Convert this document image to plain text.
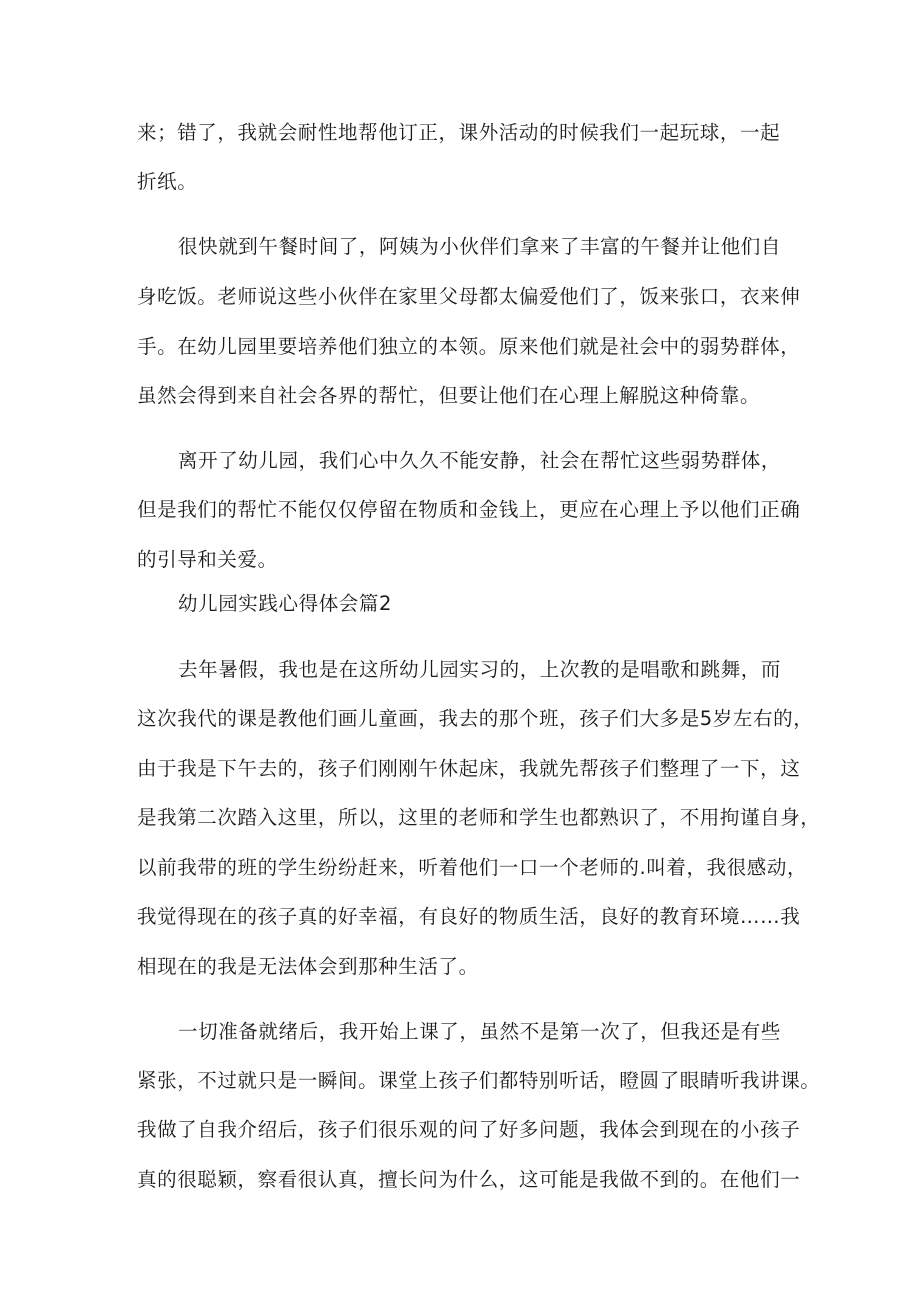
来；错了，我就会耐性地帮他订正，课外活动的时候我们一起玩球，一起
折纸。
很快就到午餐时间了，阿姨为小伙伴们拿来了丰富的午餐并让他们自
身吃饭。老师说这些小伙伴在家里父母都太偏爱他们了，饭来张口，衣来伸
手。在幼儿园里要培养他们独立的本领。原来他们就是社会中的弱势群体，
虽然会得到来自社会各界的帮忙，但要让他们在心理上解脱这种倚靠。
离开了幼儿园，我们心中久久不能安静，社会在帮忙这些弱势群体，
但是我们的帮忙不能仅仅停留在物质和金钱上，更应在心理上予以他们正确
的引导和关爱。
幼儿园实践心得体会篇2
去年暑假，我也是在这所幼儿园实习的，上次教的是唱歌和跳舞，而
这次我代的课是教他们画儿童画，我去的那个班，孩子们大多是5岁左右的，
由于我是下午去的，孩子们刚刚午休起床，我就先帮孩子们整理了一下，这
是我第二次踏入这里，所以，这里的老师和学生也都熟识了，不用拘谨自身，
以前我带的班的学生纷纷赶来，听着他们一口一个老师的.叫着，我很感动，
我觉得现在的孩子真的好幸福，有良好的物质生活，良好的教育环境……我
相现在的我是无法体会到那种生活了。
一切准备就绪后，我开始上课了，虽然不是第一次了，但我还是有些
紧张，不过就只是一瞬间。课堂上孩子们都特别听话，瞪圆了眼睛听我讲课。
我做了自我介绍后，孩子们很乐观的问了好多问题，我体会到现在的小孩子
真的很聪颖，察看很认真，擅长问为什么，这可能是我做不到的。在他们一
